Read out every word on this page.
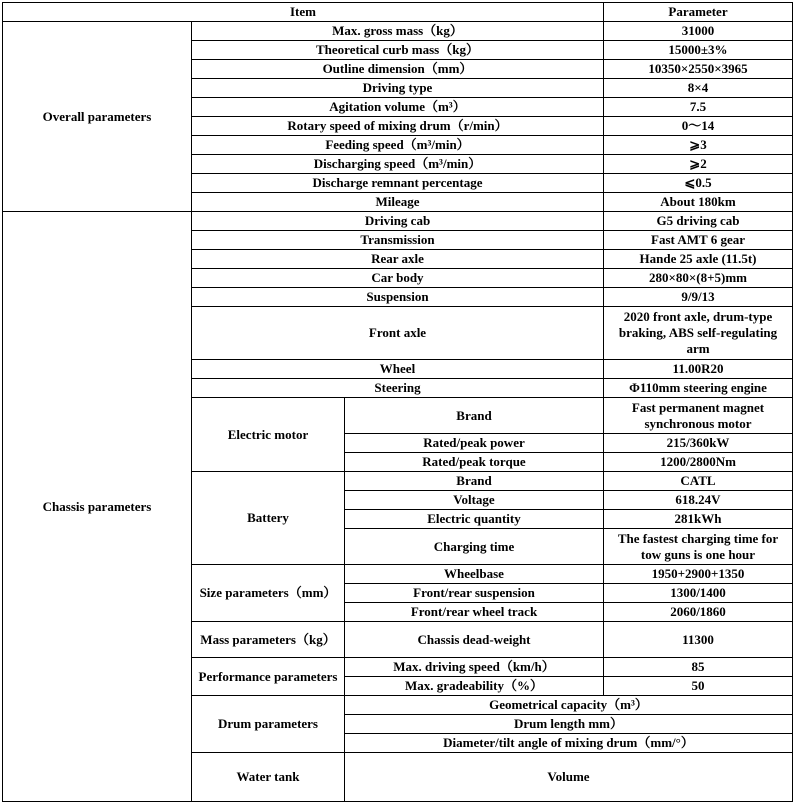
Item			Parameter	
Overall parameters	Max. gross mass（kg）		31000	
	Theoretical curb mass（kg）		15000±3%	
	Outline dimension（mm）		10350×2550×3965	
	Driving type		8×4	
	Agitation volume（m³）		7.5	
	Rotary speed of mixing drum（r/min）		0～14	
	Feeding speed（m³/min）		⩾3	
	Discharging speed（m³/min）		⩾2	
	Discharge remnant percentage		⩽0.5	
	Mileage		About 180km	
Chassis parameters	Driving cab		G5 driving cab	
	Transmission		Fast AMT 6 gear	
	Rear axle		Hande 25 axle (11.5t)	
	Car body		280×80×(8+5)mm	
	Suspension		9/9/13	
	Front axle		2020 front axle, drum-type braking, ABS self-regulating arm	
	Wheel		11.00R20	
	Steering		Φ110mm steering engine	
	Electric motor	Brand	Fast permanent magnet synchronous motor	
		Rated/peak power	215/360kW	
		Rated/peak torque	1200/2800Nm	
	Battery	Brand	CATL	
		Voltage	618.24V	
		Electric quantity	281kWh	
		Charging time	The fastest charging time for tow guns is one hour	
	Size parameters（mm）	Wheelbase	1950+2900+1350	
		Front/rear suspension	1300/1400	
		Front/rear wheel track	2060/1860	
	Mass parameters（kg）	Chassis dead-weight	11300	
	Performance parameters	Max. driving speed（km/h）	85	
		Max. gradeability（%）	50	
	Drum parameters	Geometrical capacity（m³）	
		Drum length mm）	
		Diameter/tilt angle of mixing drum（mm/°）	
	Water tank	Volume	
